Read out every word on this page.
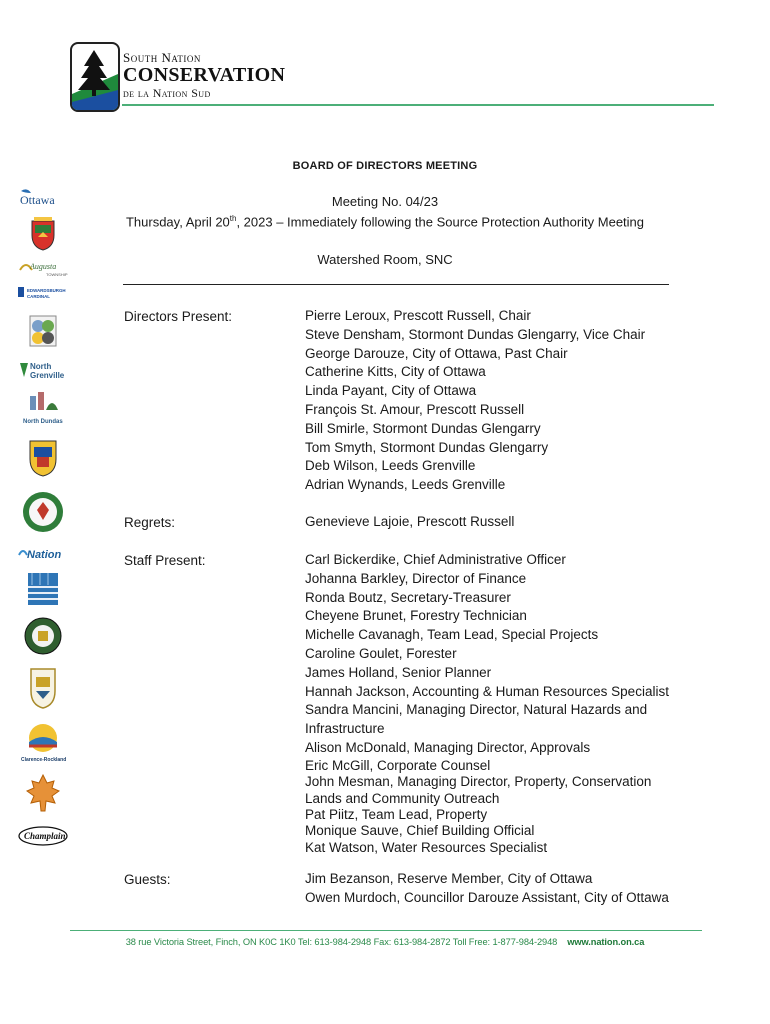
South Nation
CONSERVATION
de la Nation Sud
BOARD OF DIRECTORS MEETING
Meeting No. 04/23
Thursday, April 20th, 2023 – Immediately following the Source Protection Authority Meeting
Watershed Room, SNC
Directors Present:	Pierre Leroux, Prescott Russell, Chair
Steve Densham, Stormont Dundas Glengarry, Vice Chair
George Darouze, City of Ottawa, Past Chair
Catherine Kitts, City of Ottawa
Linda Payant, City of Ottawa
François St. Amour, Prescott Russell
Bill Smirle, Stormont Dundas Glengarry
Tom Smyth, Stormont Dundas Glengarry
Deb Wilson, Leeds Grenville
Adrian Wynands, Leeds Grenville
Regrets:	Genevieve Lajoie, Prescott Russell
Staff Present:	Carl Bickerdike, Chief Administrative Officer
Johanna Barkley, Director of Finance
Ronda Boutz, Secretary-Treasurer
Cheyene Brunet, Forestry Technician
Michelle Cavanagh, Team Lead, Special Projects
Caroline Goulet, Forester
James Holland, Senior Planner
Hannah Jackson, Accounting & Human Resources Specialist
Sandra Mancini, Managing Director, Natural Hazards and
Infrastructure
Alison McDonald, Managing Director, Approvals
Eric McGill, Corporate Counsel
John Mesman, Managing Director, Property, Conservation
Lands and Community Outreach
Pat Piitz, Team Lead, Property
Monique Sauve, Chief Building Official
Kat Watson, Water Resources Specialist
Guests:	Jim Bezanson, Reserve Member, City of Ottawa
Owen Murdoch, Councillor Darouze Assistant, City of Ottawa
Ottawa
Augusta
TOWNSHIP
EDWARDSBURGH
CARDINAL
North
Grenville
North Dundas
Nation
Clarence-Rockland
Champlain
38 rue Victoria Street, Finch, ON K0C 1K0 Tel: 613-984-2948 Fax: 613-984-2872 Toll Free: 1-877-984-2948 www.nation.on.ca
